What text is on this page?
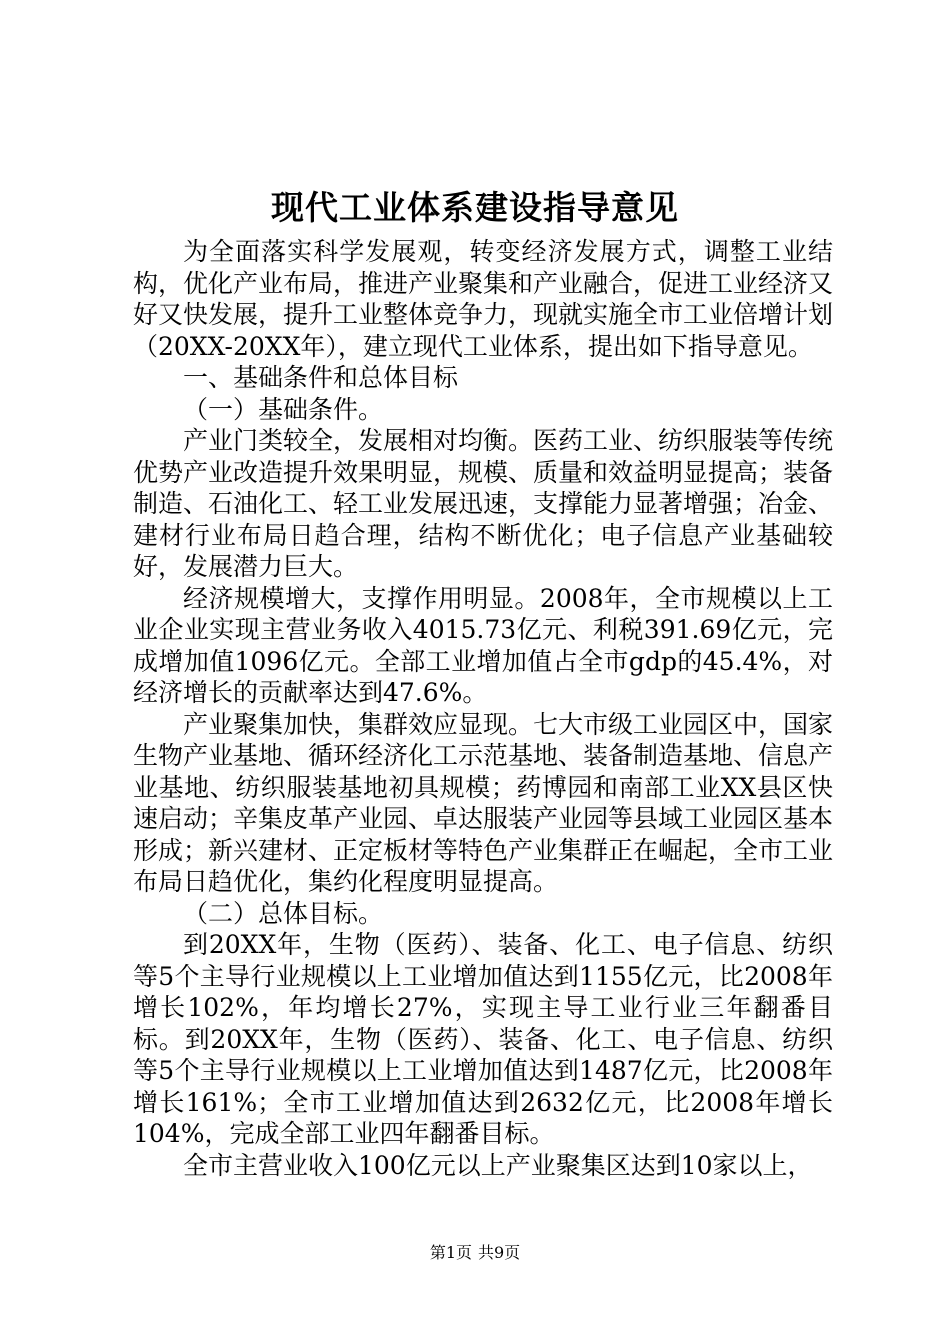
现代工业体系建设指导意见

为全面落实科学发展观，转变经济发展方式，调整工业结构，优化产业布局，推进产业聚集和产业融合，促进工业经济又好又快发展，提升工业整体竞争力，现就实施全市工业倍增计划（20XX-20XX年），建立现代工业体系，提出如下指导意见。

一、基础条件和总体目标

（一）基础条件。

产业门类较全，发展相对均衡。医药工业、纺织服装等传统优势产业改造提升效果明显，规模、质量和效益明显提高；装备制造、石油化工、轻工业发展迅速，支撑能力显著增强；冶金、建材行业布局日趋合理，结构不断优化；电子信息产业基础较好，发展潜力巨大。

经济规模增大，支撑作用明显。2008年，全市规模以上工业企业实现主营业务收入4015.73亿元、利税391.69亿元，完成增加值1096亿元。全部工业增加值占全市gdp的45.4%，对经济增长的贡献率达到47.6%。

产业聚集加快，集群效应显现。七大市级工业园区中，国家生物产业基地、循环经济化工示范基地、装备制造基地、信息产业基地、纺织服装基地初具规模；药博园和南部工业XX县区快速启动；辛集皮革产业园、卓达服装产业园等县域工业园区基本形成；新兴建材、正定板材等特色产业集群正在崛起，全市工业布局日趋优化，集约化程度明显提高。

（二）总体目标。

到20XX年，生物（医药）、装备、化工、电子信息、纺织等5个主导行业规模以上工业增加值达到1155亿元，比2008年增长102%，年均增长27%，实现主导工业行业三年翻番目标。到20XX年，生物（医药）、装备、化工、电子信息、纺织等5个主导行业规模以上工业增加值达到1487亿元，比2008年增长161%；全市工业增加值达到2632亿元，比2008年增长104%，完成全部工业四年翻番目标。

全市主营业收入100亿元以上产业聚集区达到10家以上，

第1页 共9页
